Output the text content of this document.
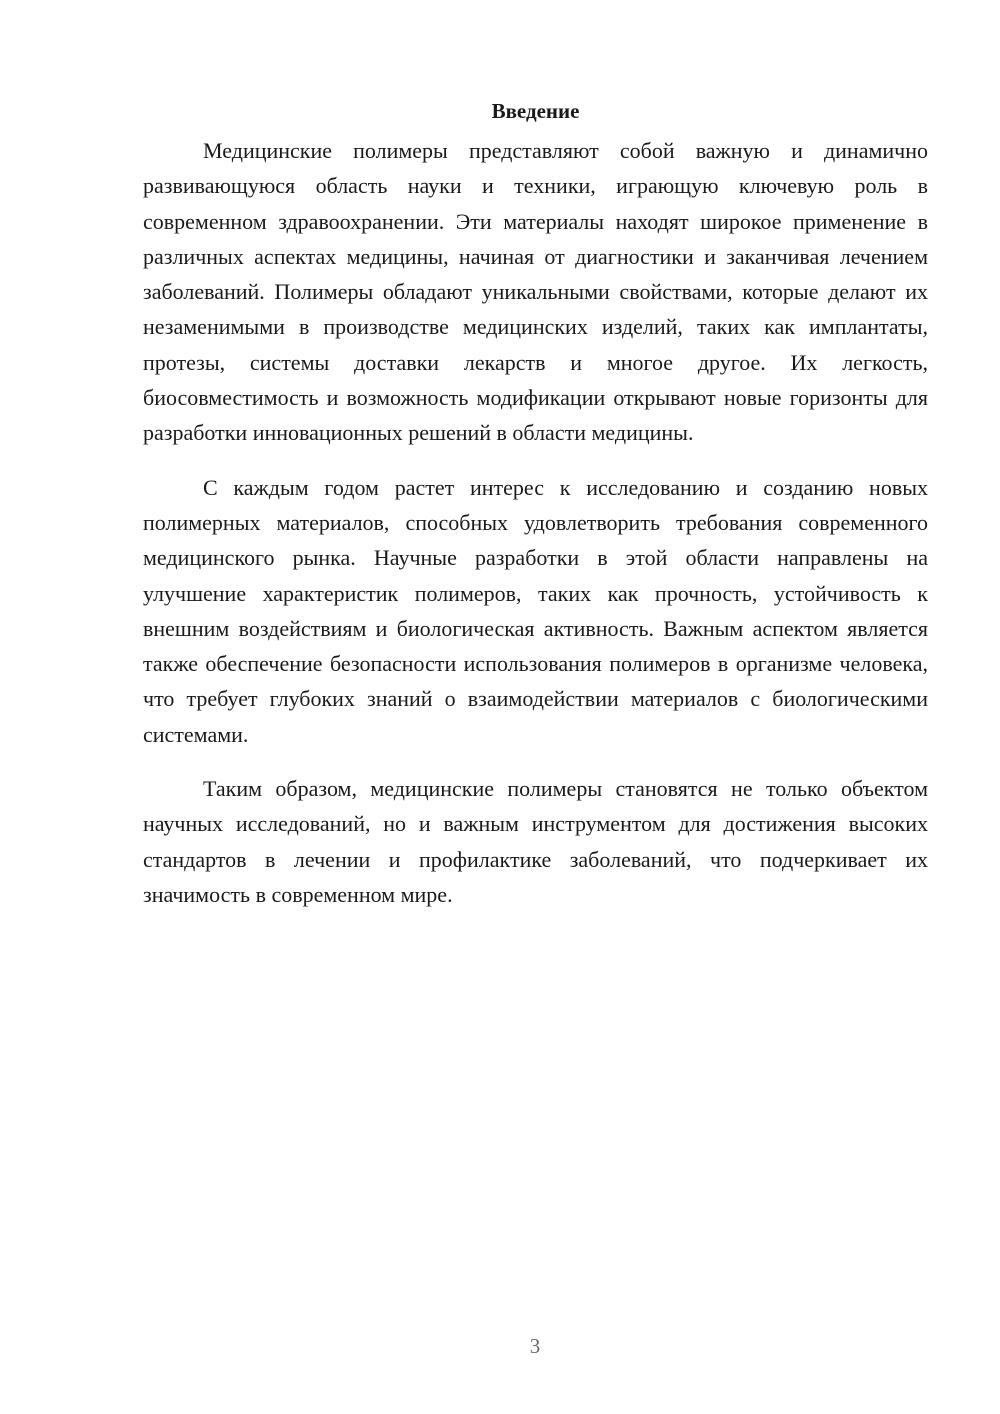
Введение

Медицинские полимеры представляют собой важную и динамично развивающуюся область науки и техники, играющую ключевую роль в современном здравоохранении. Эти материалы находят широкое применение в различных аспектах медицины, начиная от диагностики и заканчивая лечением заболеваний. Полимеры обладают уникальными свойствами, которые делают их незаменимыми в производстве медицинских изделий, таких как имплантаты, протезы, системы доставки лекарств и многое другое. Их легкость, биосовместимость и возможность модификации открывают новые горизонты для разработки инновационных решений в области медицины.

С каждым годом растет интерес к исследованию и созданию новых полимерных материалов, способных удовлетворить требования современного медицинского рынка. Научные разработки в этой области направлены на улучшение характеристик полимеров, таких как прочность, устойчивость к внешним воздействиям и биологическая активность. Важным аспектом является также обеспечение безопасности использования полимеров в организме человека, что требует глубоких знаний о взаимодействии материалов с биологическими системами.

Таким образом, медицинские полимеры становятся не только объектом научных исследований, но и важным инструментом для достижения высоких стандартов в лечении и профилактике заболеваний, что подчеркивает их значимость в современном мире.

3
